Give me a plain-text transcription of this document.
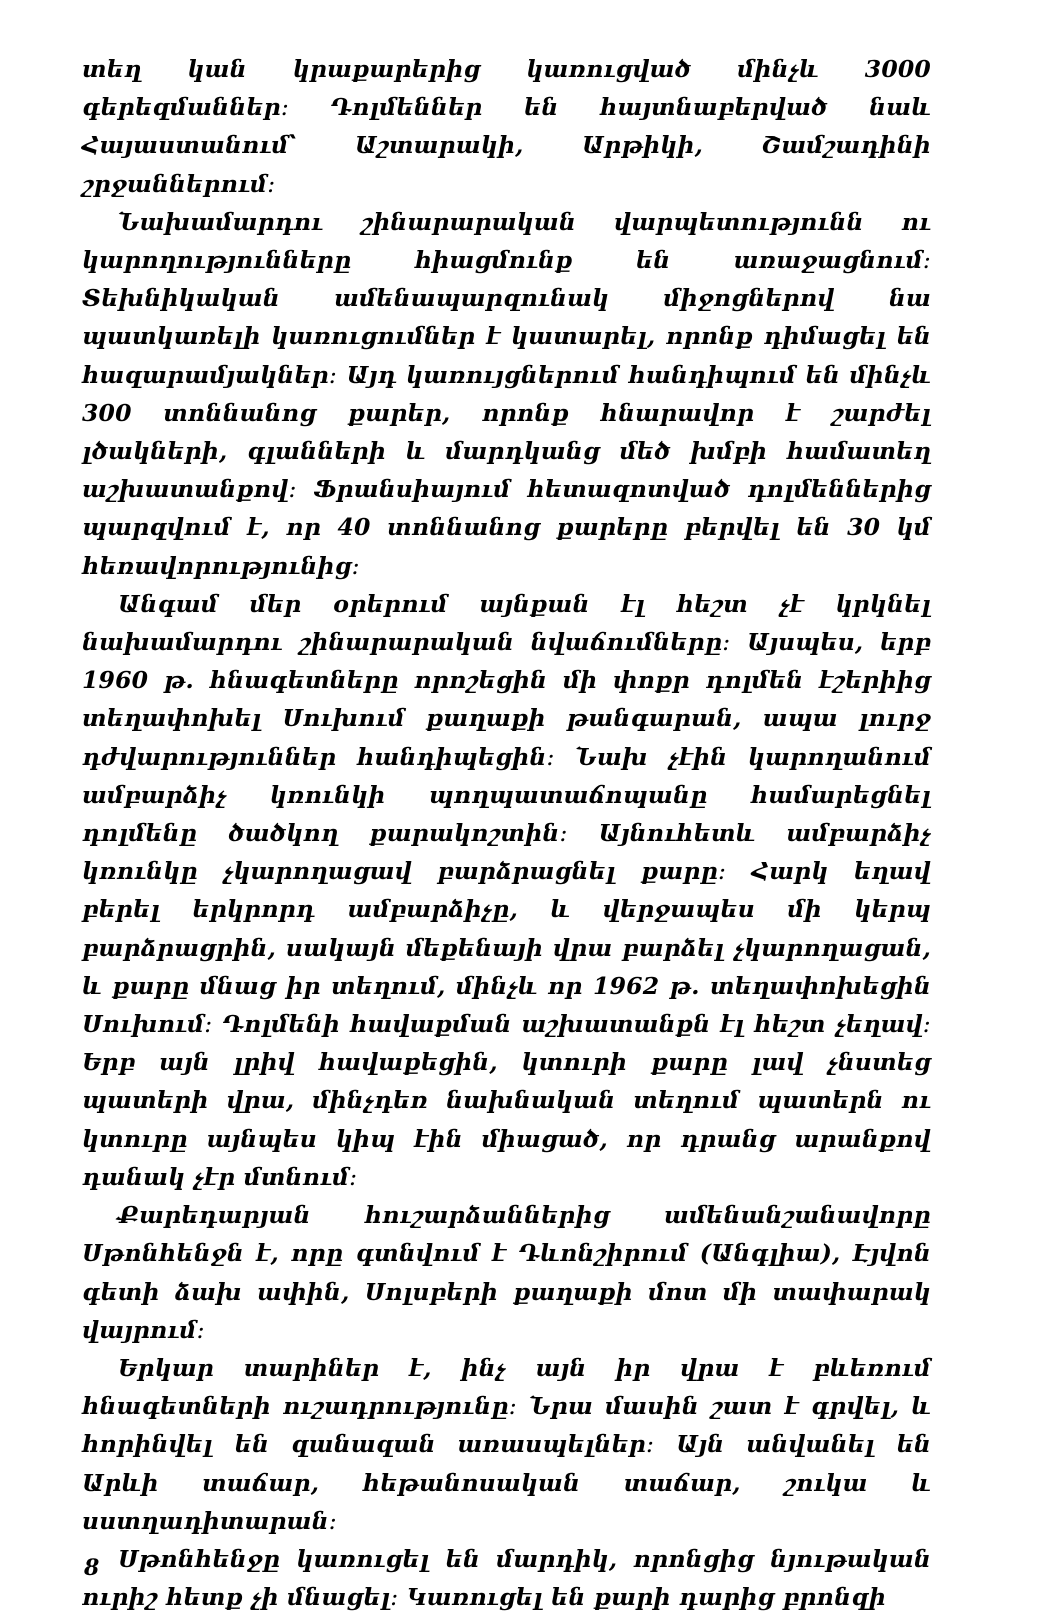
տեղ կան կրաքարերից կառուցված մինչև 3000 գերեզմաններ։ Դոլմեններ են հայտնաբերված նաև Հայաստանում՝ Աշտարակի, Արթիկի, Շամշադինի շրջաններում։

Նախամարդու շինարարական վարպետությունն ու կարողությունները հիացմունք են առաջացնում։ Տեխնիկական ամենապարզունակ միջոցներով նա պատկառելի կառուցումներ է կատարել, որոնք դիմացել են հազարամյակներ։ Այդ կառույցներում հանդիպում են մինչև 300 տոննանոց քարեր, որոնք հնարավոր է շարժել լծակների, գլանների և մարդկանց մեծ խմբի համատեղ աշխատանքով։ Ֆրանսիայում հետազոտված դոլմեններից պարզվում է, որ 40 տոննանոց քարերը բերվել են 30 կմ հեռավորությունից։

Անգամ մեր օրերում այնքան էլ հեշտ չէ կրկնել նախամարդու շինարարական նվաճումները։ Այսպես, երբ 1960 թ. հնագետները որոշեցին մի փոքր դոլմեն էշերիից տեղափոխել Սուխում քաղաքի թանգարան, ապա լուրջ դժվարություններ հանդիպեցին։ Նախ չէին կարողանում ամբարձիչ կռունկի պողպատաճոպանը համարեցնել դոլմենը ծածկող քարակոշտին։ Այնուհետև ամբարձիչ կռունկը չկարողացավ բարձրացնել քարը։ Հարկ եղավ բերել երկրորդ ամբարձիչը, և վերջապես մի կերպ բարձրացրին, սակայն մեքենայի վրա բարձել չկարողացան, և քարը մնաց իր տեղում, մինչև որ 1962 թ. տեղափոխեցին Սուխում։ Դոլմենի հավաքման աշխատանքն էլ հեշտ չեղավ։ Երբ այն լրիվ հավաքեցին, կտուրի քարը լավ չնստեց պատերի վրա, մինչդեռ նախնական տեղում պատերն ու կտուրը այնպես կիպ էին միացած, որ դրանց արանքով դանակ չէր մտնում։

Քարեդարյան հուշարձաններից ամենանշանավորը Սթոնհենջն է, որը գտնվում է Դևոնշիրում (Անգլիա), Էյվոն գետի ձախ ափին, Սոլսբերի քաղաքի մոտ մի տափարակ վայրում։

Երկար տարիներ է, ինչ այն իր վրա է բևեռում հնագետների ուշադրությունը։ Նրա մասին շատ է գրվել, և հորինվել են զանազան առասպելներ։ Այն անվանել են Արևի տաճար, հեթանոսական տաճար, շուկա և սստղադիտարան։

Սթոնհենջը կառուցել են մարդիկ, որոնցից նյութական ուրիշ հետք չի մնացել։ Կառուցել են քարի դարից բրոնզի

8
